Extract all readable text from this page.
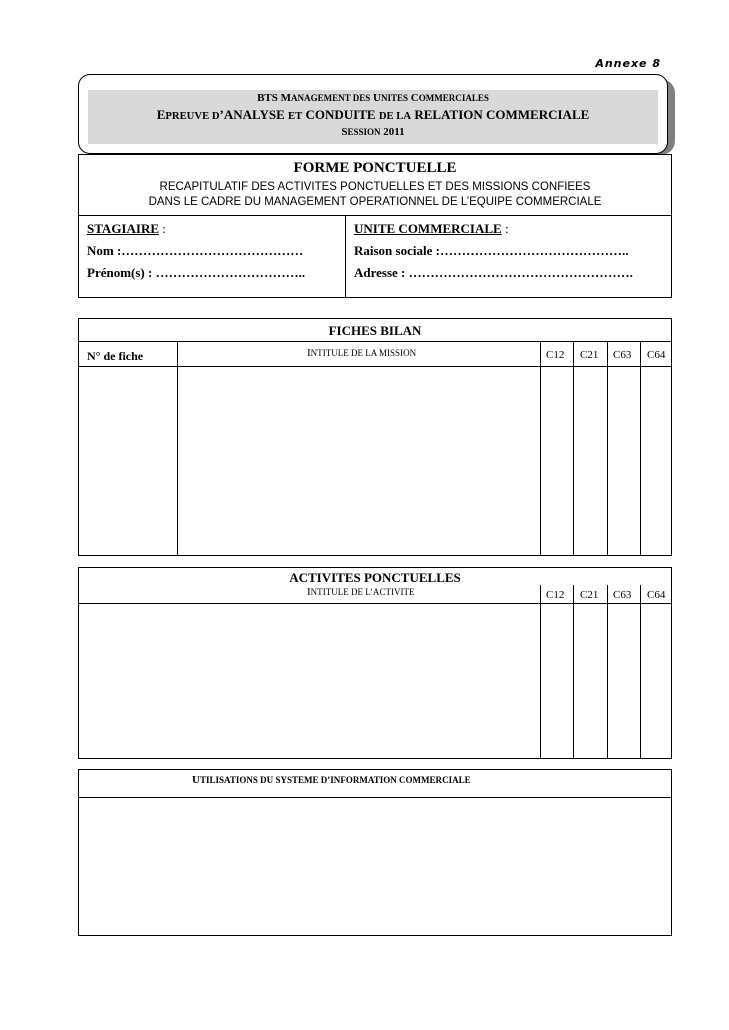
Annexe 8
BTS MANAGEMENT DES UNITES COMMERCIALES
EPREUVE D’ANALYSE ET CONDUITE DE LA RELATION COMMERCIALE
SESSION 2011
FORME PONCTUELLE
RECAPITULATIF DES ACTIVITES PONCTUELLES ET DES MISSIONS CONFIEES
DANS LE CADRE DU MANAGEMENT OPERATIONNEL DE L’EQUIPE COMMERCIALE
STAGIAIRE :
Nom :……………………………………
Prénom(s) : ……………………………..
UNITE COMMERCIALE :
Raison sociale :……………………………………..
Adresse : …………………………………………….
FICHES BILAN
N° de fiche	INTITULE DE LA MISSION	C12 C21 C63 C64
ACTIVITES PONCTUELLES
INTITULE DE L’ACTIVITE	C12 C21 C63 C64
UTILISATIONS DU SYSTEME D’INFORMATION COMMERCIALE
